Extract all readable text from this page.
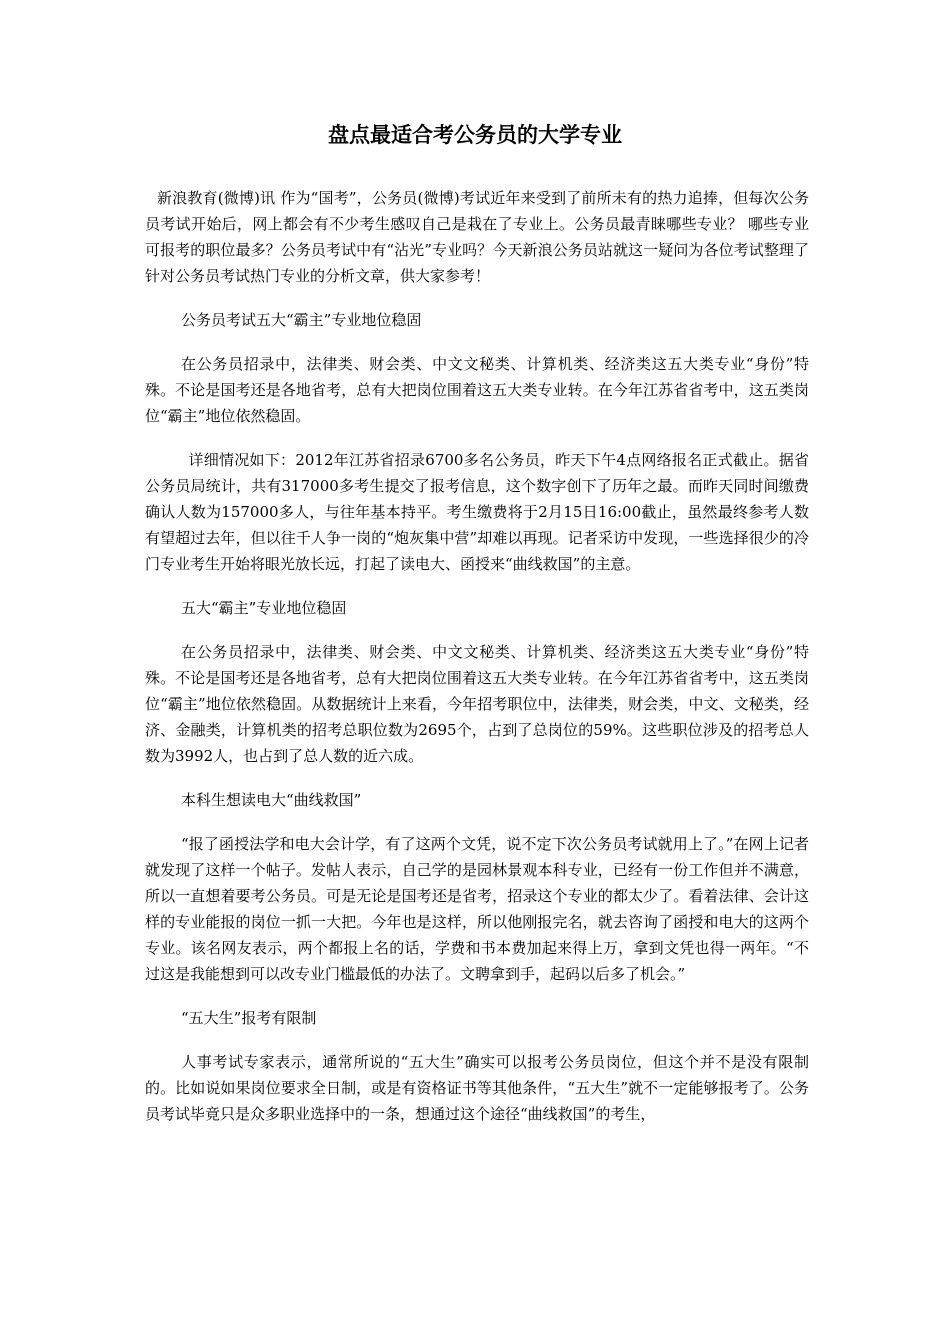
盘点最适合考公务员的大学专业

新浪教育(微博)讯 作为“国考”，公务员(微博)考试近年来受到了前所未有的热力追捧，但每次公务员考试开始后，网上都会有不少考生感叹自己是栽在了专业上。公务员最青睐哪些专业？ 哪些专业可报考的职位最多？公务员考试中有“沾光”专业吗？今天新浪公务员站就这一疑问为各位考试整理了针对公务员考试热门专业的分析文章，供大家参考！

公务员考试五大“霸主”专业地位稳固

在公务员招录中，法律类、财会类、中文文秘类、计算机类、经济类这五大类专业“身份”特殊。不论是国考还是各地省考，总有大把岗位围着这五大类专业转。在今年江苏省省考中，这五类岗位“霸主”地位依然稳固。

详细情况如下：2012年江苏省招录6700多名公务员，昨天下午4点网络报名正式截止。据省公务员局统计，共有317000多考生提交了报考信息，这个数字创下了历年之最。而昨天同时间缴费确认人数为157000多人，与往年基本持平。考生缴费将于2月15日16:00截止，虽然最终参考人数有望超过去年，但以往千人争一岗的“炮灰集中营”却难以再现。记者采访中发现，一些选择很少的冷门专业考生开始将眼光放长远，打起了读电大、函授来“曲线救国”的主意。

五大“霸主”专业地位稳固

在公务员招录中，法律类、财会类、中文文秘类、计算机类、经济类这五大类专业“身份”特殊。不论是国考还是各地省考，总有大把岗位围着这五大类专业转。在今年江苏省省考中，这五类岗位“霸主”地位依然稳固。从数据统计上来看，今年招考职位中，法律类，财会类，中文、文秘类，经济、金融类，计算机类的招考总职位数为2695个，占到了总岗位的59%。这些职位涉及的招考总人数为3992人，也占到了总人数的近六成。

本科生想读电大“曲线救国”

“报了函授法学和电大会计学，有了这两个文凭，说不定下次公务员考试就用上了。”在网上记者就发现了这样一个帖子。发帖人表示，自己学的是园林景观本科专业，已经有一份工作但并不满意，所以一直想着要考公务员。可是无论是国考还是省考，招录这个专业的都太少了。看着法律、会计这样的专业能报的岗位一抓一大把。今年也是这样，所以他刚报完名，就去咨询了函授和电大的这两个专业。该名网友表示，两个都报上名的话，学费和书本费加起来得上万，拿到文凭也得一两年。“不过这是我能想到可以改专业门槛最低的办法了。文聘拿到手，起码以后多了机会。”

“五大生”报考有限制

人事考试专家表示，通常所说的“五大生”确实可以报考公务员岗位，但这个并不是没有限制的。比如说如果岗位要求全日制，或是有资格证书等其他条件，“五大生”就不一定能够报考了。公务员考试毕竟只是众多职业选择中的一条，想通过这个途径“曲线救国”的考生，
